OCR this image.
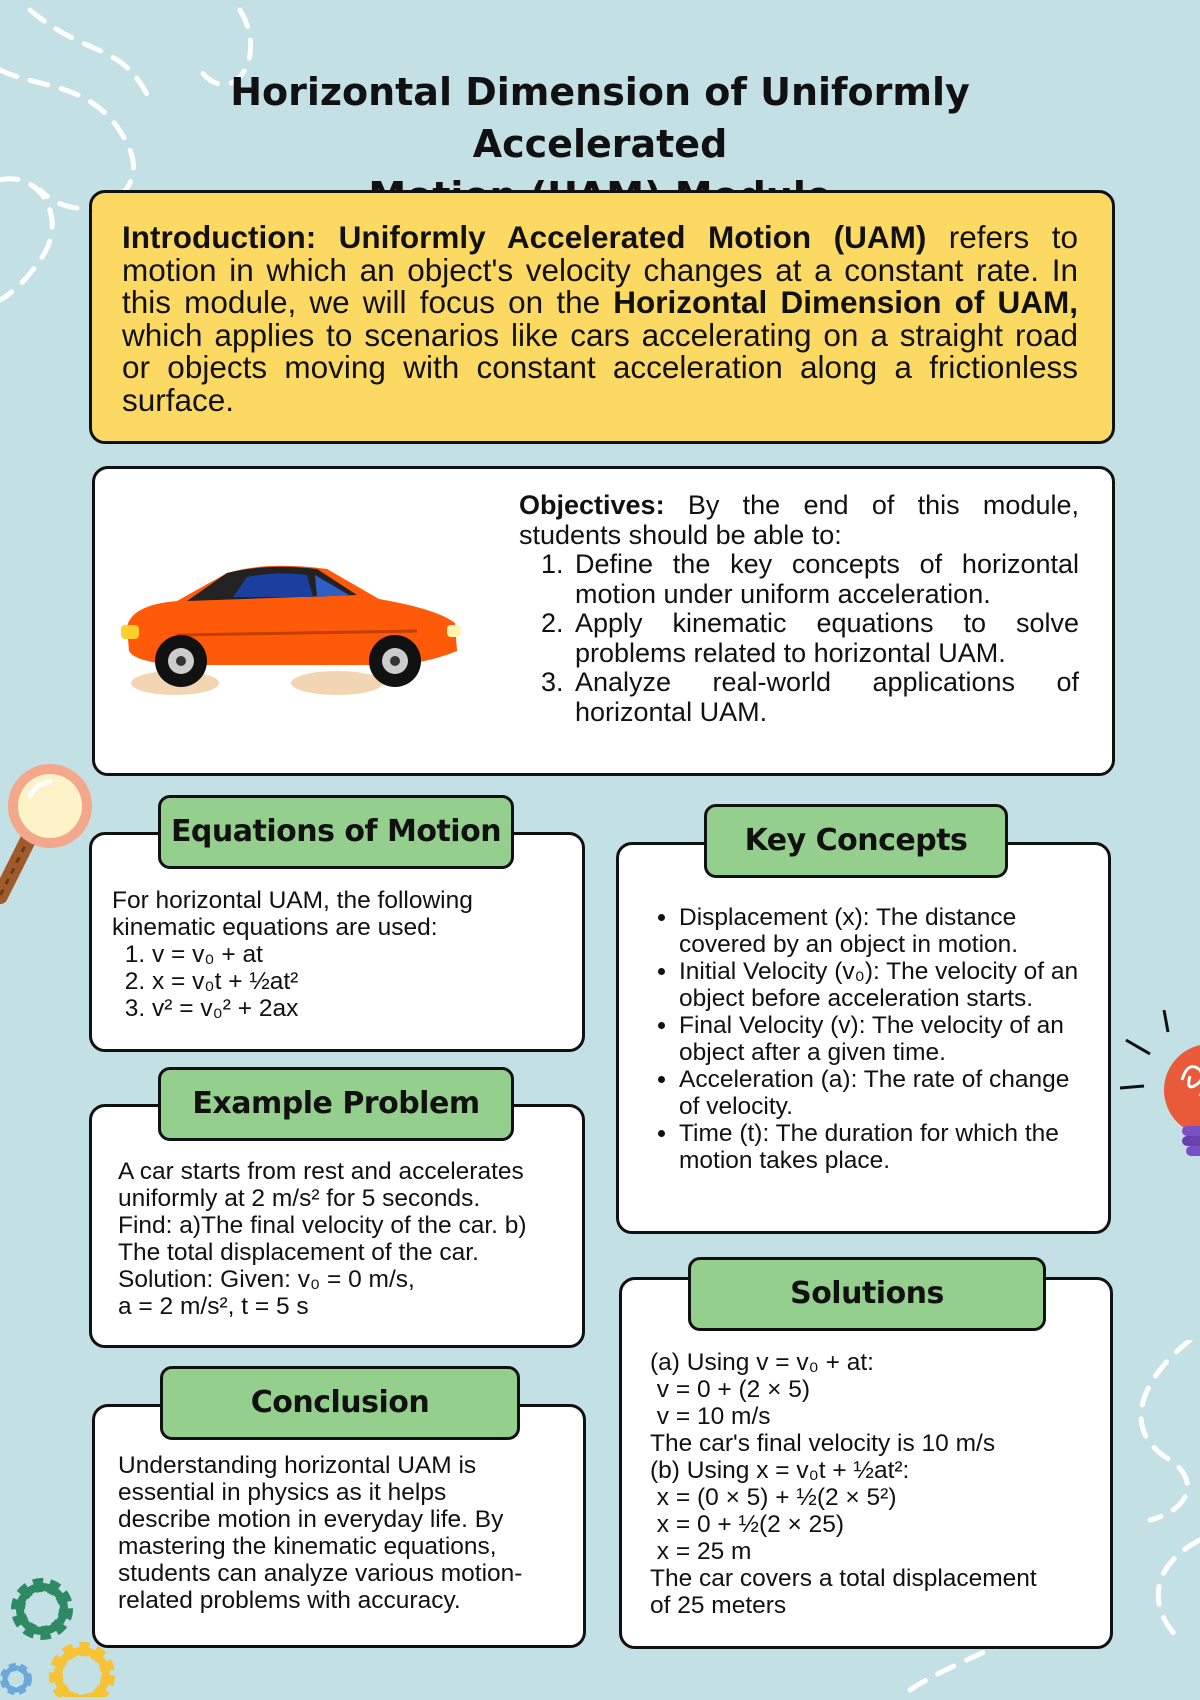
Horizontal Dimension of Uniformly Accelerated
Introduction: Uniformly Accelerated Motion (UAM) refers to motion in which an object's velocity changes at a constant rate. In this module, we will focus on the Horizontal Dimension of UAM, which applies to scenarios like cars accelerating on a straight road or objects moving with constant acceleration along a frictionless surface.
Objectives: By the end of this module, students should be able to:
1. Define the key concepts of horizontal motion under uniform acceleration.
2. Apply kinematic equations to solve problems related to horizontal UAM.
3. Analyze real-world applications of horizontal UAM.
Equations of Motion
For horizontal UAM, the following kinematic equations are used:
1. v = v₀ + at
2. x = v₀t + ½at²
3. v² = v₀² + 2ax
Example Problem
A car starts from rest and accelerates
uniformly at 2 m/s² for 5 seconds.
Find: a)The final velocity of the car. b)
The total displacement of the car.
Solution: Given: v₀ = 0 m/s,
a = 2 m/s², t = 5 s
Conclusion
Understanding horizontal UAM is
essential in physics as it helps
describe motion in everyday life. By
mastering the kinematic equations,
students can analyze various motion-
related problems with accuracy.
Key Concepts
• Displacement (x): The distance covered by an object in motion.
• Initial Velocity (v₀): The velocity of an object before acceleration starts.
• Final Velocity (v): The velocity of an object after a given time.
• Acceleration (a): The rate of change of velocity.
• Time (t): The duration for which the motion takes place.
Solutions
(a) Using v = v₀ + at:
v = 0 + (2 × 5)
v = 10 m/s
The car's final velocity is 10 m/s
(b) Using x = v₀t + ½at²:
x = (0 × 5) + ½(2 × 5²)
x = 0 + ½(2 × 25)
x = 25 m
The car covers a total displacement
of 25 meters
